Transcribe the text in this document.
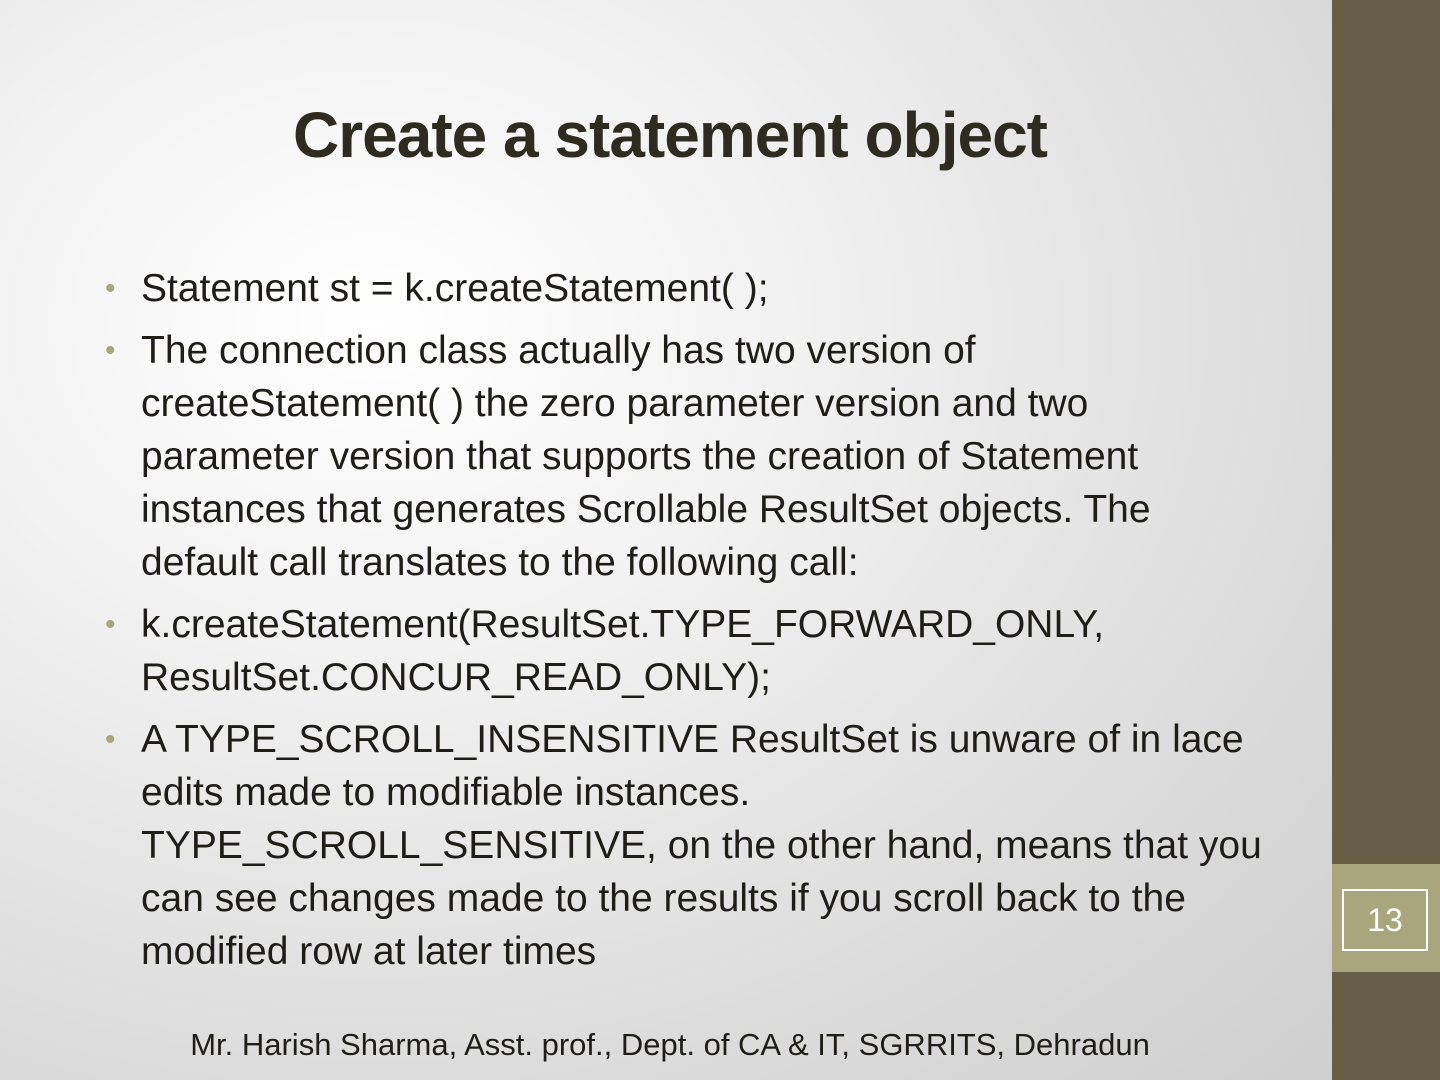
13
Create a statement object
• Statement st = k.createStatement( );
• The connection class actually has two version of createStatement( ) the zero parameter version and two parameter version that supports the creation of Statement instances that generates Scrollable ResultSet objects. The default call translates to the following call:
• k.createStatement(ResultSet.TYPE_FORWARD_ONLY, ResultSet.CONCUR_READ_ONLY);
• A TYPE_SCROLL_INSENSITIVE ResultSet is unware of in lace edits made to modifiable instances. TYPE_SCROLL_SENSITIVE, on the other hand, means that you can see changes made to the results if you scroll back to the modified row at later times
Mr. Harish Sharma, Asst. prof., Dept. of CA & IT, SGRRITS, Dehradun
